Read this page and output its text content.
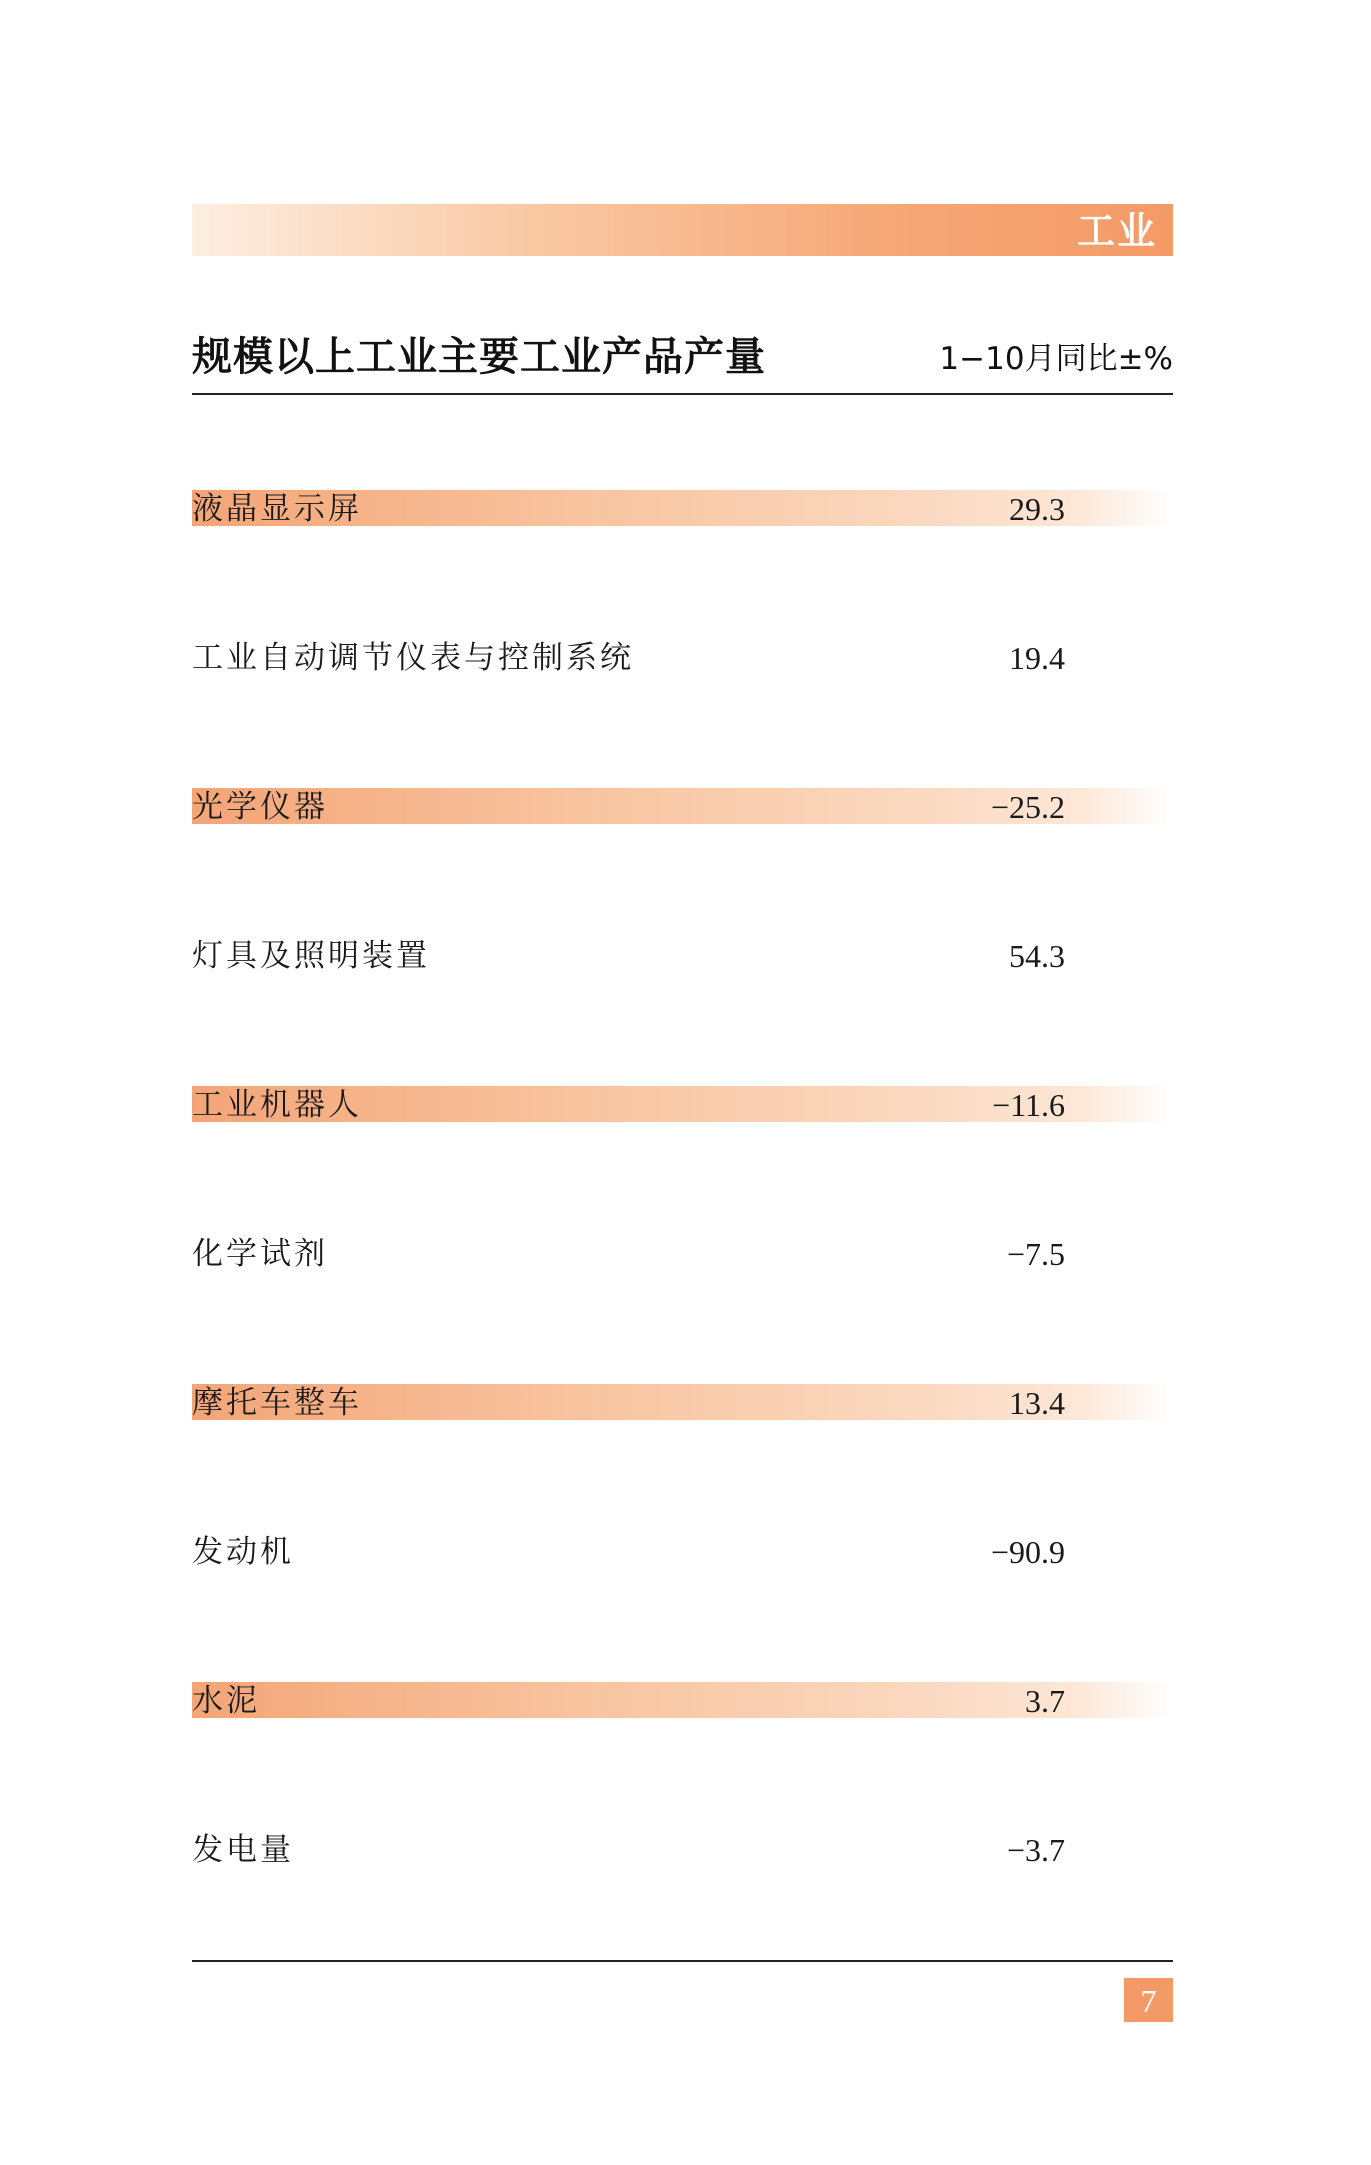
工业
规模以上工业主要工业产品产量	1−10月同比±%
液晶显示屏	29.3
工业自动调节仪表与控制系统	19.4
光学仪器	−25.2
灯具及照明装置	54.3
工业机器人	−11.6
化学试剂	−7.5
摩托车整车	13.4
发动机	−90.9
水泥	3.7
发电量	−3.7
7
